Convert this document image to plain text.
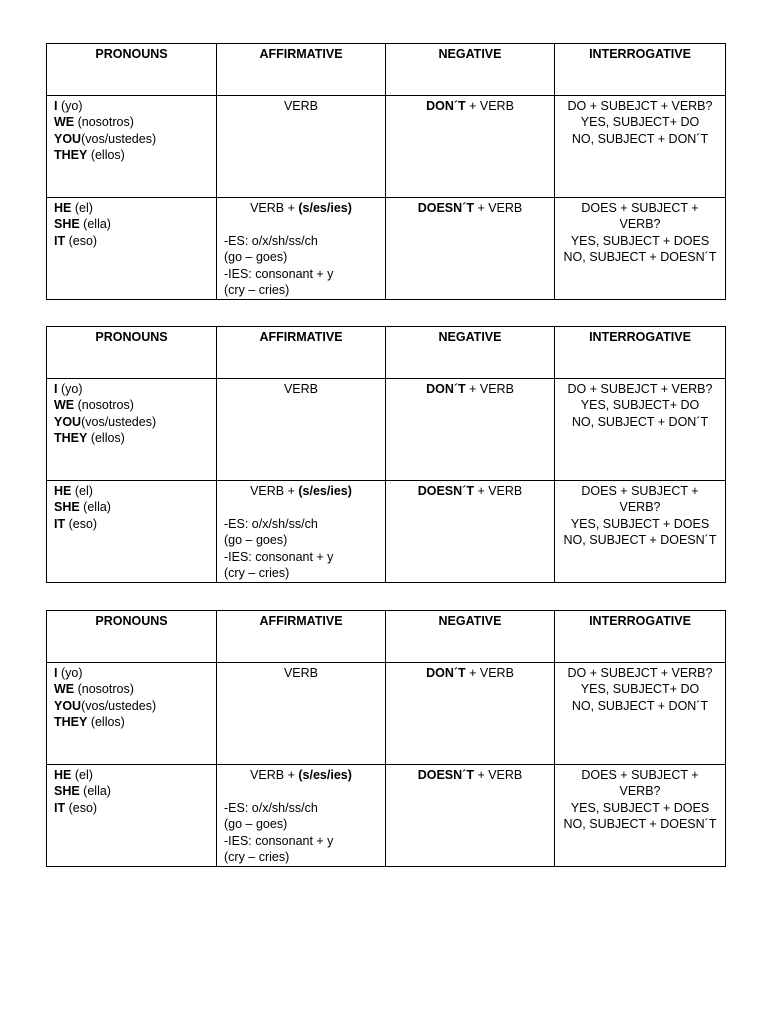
PRONOUNS	AFFIRMATIVE	NEGATIVE	INTERROGATIVE

I (yo)
WE (nosotros)
YOU(vos/ustedes)
THEY (ellos)	VERB	DON´T + VERB	DO + SUBEJCT + VERB?
YES, SUBJECT+ DO
NO, SUBJECT + DON´T

HE (el)
SHE (ella)
IT (eso)	VERB + (s/es/ies)
-ES: o/x/sh/ss/ch
(go – goes)
-IES: consonant + y
(cry – cries)	DOESN´T + VERB	DOES + SUBJECT + VERB?
YES, SUBJECT + DOES
NO, SUBJECT + DOESN´T
PRONOUNS	AFFIRMATIVE	NEGATIVE	INTERROGATIVE

I (yo)
WE (nosotros)
YOU(vos/ustedes)
THEY (ellos)	VERB	DON´T + VERB	DO + SUBEJCT + VERB?
YES, SUBJECT+ DO
NO, SUBJECT + DON´T

HE (el)
SHE (ella)
IT (eso)	VERB + (s/es/ies)
-ES: o/x/sh/ss/ch
(go – goes)
-IES: consonant + y
(cry – cries)	DOESN´T + VERB	DOES + SUBJECT + VERB?
YES, SUBJECT + DOES
NO, SUBJECT + DOESN´T
PRONOUNS	AFFIRMATIVE	NEGATIVE	INTERROGATIVE

I (yo)
WE (nosotros)
YOU(vos/ustedes)
THEY (ellos)	VERB	DON´T + VERB	DO + SUBEJCT + VERB?
YES, SUBJECT+ DO
NO, SUBJECT + DON´T

HE (el)
SHE (ella)
IT (eso)	VERB + (s/es/ies)
-ES: o/x/sh/ss/ch
(go – goes)
-IES: consonant + y
(cry – cries)	DOESN´T + VERB	DOES + SUBJECT + VERB?
YES, SUBJECT + DOES
NO, SUBJECT + DOESN´T
